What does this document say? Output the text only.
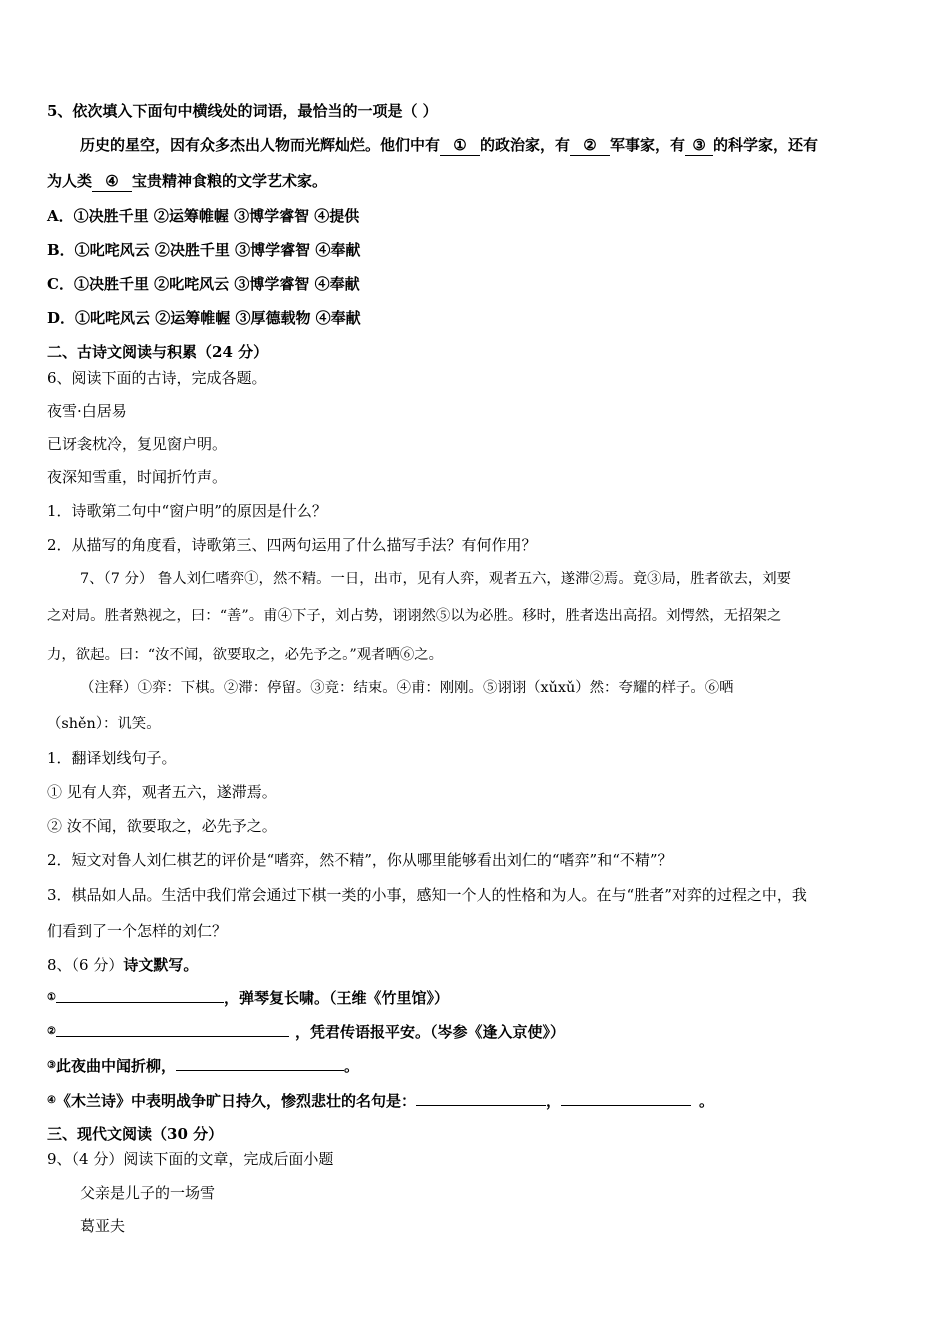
5、依次填入下面句中横线处的词语，最恰当的一项是（ ）
历史的星空，因有众多杰出人物而光辉灿烂。他们中有 ① 的政治家，有 ② 军事家，有 ③ 的科学家，还有
为人类 ④ 宝贵精神食粮的文学艺术家。
A．①决胜千里 ②运筹帷幄 ③博学睿智 ④提供
B．①叱咤风云 ②决胜千里 ③博学睿智 ④奉献
C．①决胜千里 ②叱咤风云 ③博学睿智 ④奉献
D．①叱咤风云 ②运筹帷幄 ③厚德载物 ④奉献
二、古诗文阅读与积累（24 分）
6、阅读下面的古诗，完成各题。
夜雪·白居易
已讶衾枕冷，复见窗户明。
夜深知雪重，时闻折竹声。
1．诗歌第二句中“窗户明”的原因是什么？
2．从描写的角度看，诗歌第三、四两句运用了什么描写手法？有何作用？
7、（7 分） 鲁人刘仁嗜弈①，然不精。一日，出市，见有人弈，观者五六，遂滞②焉。竟③局，胜者欲去，刘要
之对局。胜者熟视之，曰：“善”。甫④下子，刘占势，诩诩然⑤以为必胜。移时，胜者迭出高招。刘愕然，无招架之
力，欲起。曰：“汝不闻，欲要取之，必先予之。”观者哂⑥之。
（注释）①弈：下棋。②滞：停留。③竞：结束。④甫：刚刚。⑤诩诩（xǔxǔ）然：夸耀的样子。⑥哂
（shěn）：讥笑。
1．翻译划线句子。
① 见有人弈，观者五六，遂滞焉。
② 汝不闻，欲要取之，必先予之。
2．短文对鲁人刘仁棋艺的评价是“嗜弈，然不精”，你从哪里能够看出刘仁的“嗜弈”和“不精”？
3．棋品如人品。生活中我们常会通过下棋一类的小事，感知一个人的性格和为人。在与“胜者”对弈的过程之中，我
们看到了一个怎样的刘仁？
8、（6 分）诗文默写。
①	，弹琴复长啸。（王维《竹里馆》）
②	，凭君传语报平安。（岑参《逢入京使》）
③此夜曲中闻折柳，	。
④《木兰诗》中表明战争旷日持久，惨烈悲壮的名句是：	，	。
三、现代文阅读（30 分）
9、（4 分）阅读下面的文章，完成后面小题
父亲是儿子的一场雪
葛亚夫
